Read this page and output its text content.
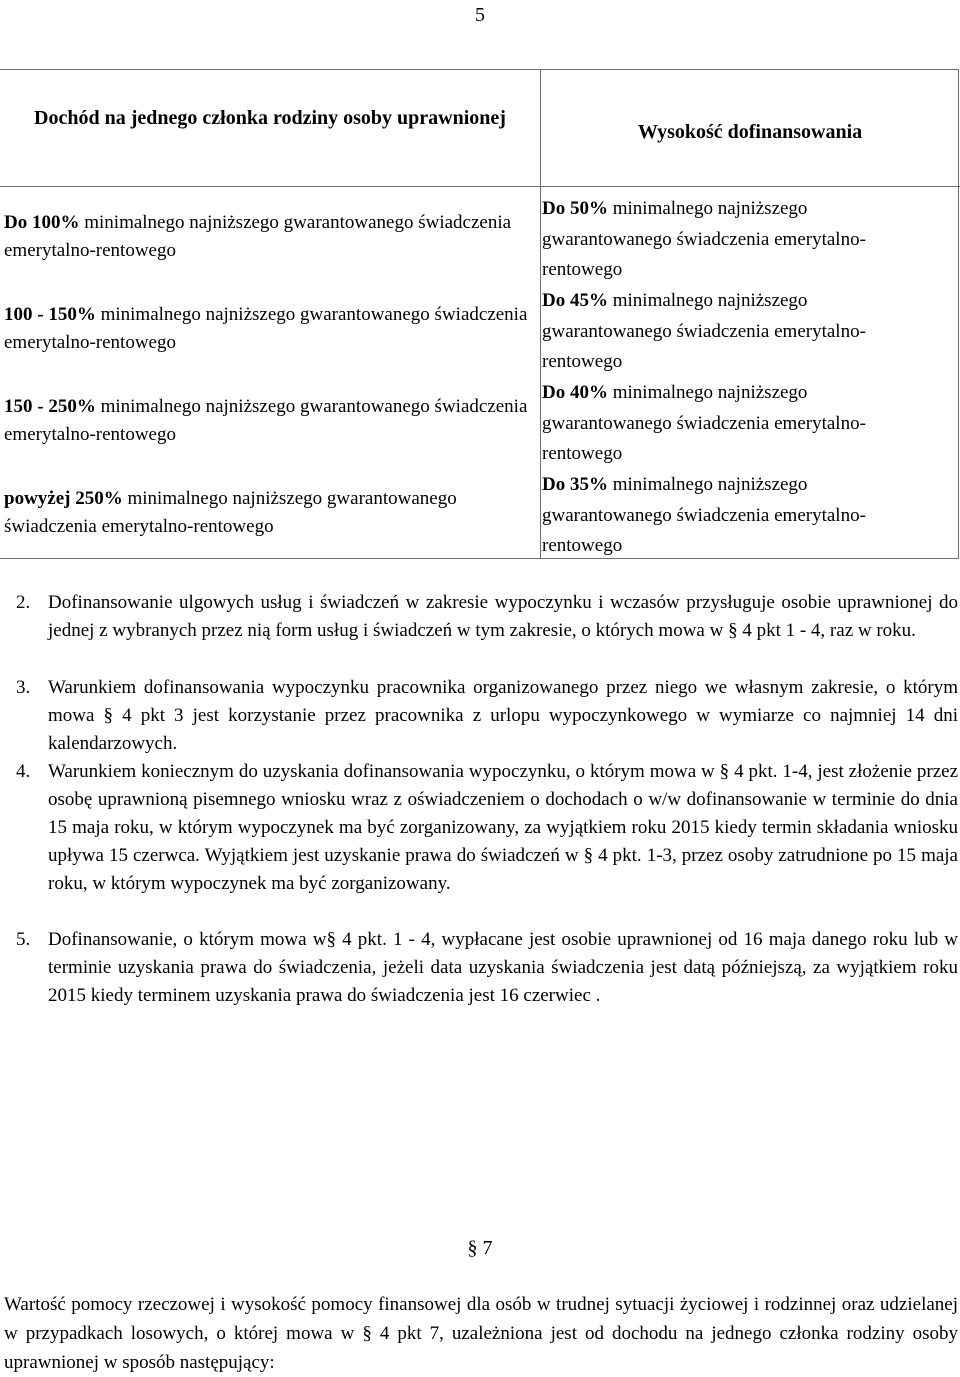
5
Dochód na jednego członka rodziny osoby uprawnionej
Wysokość dofinansowania
Do 100% minimalnego najniższego gwarantowanego świadczenia emerytalno-rentowego
Do 50% minimalnego najniższego
gwarantowanego świadczenia emerytalno-
rentowego
100 - 150% minimalnego najniższego gwarantowanego świadczenia emerytalno-rentowego
Do 45% minimalnego najniższego
gwarantowanego świadczenia emerytalno-
rentowego
150 - 250% minimalnego najniższego gwarantowanego świadczenia emerytalno-rentowego
Do 40% minimalnego najniższego
gwarantowanego świadczenia emerytalno-
rentowego
powyżej 250% minimalnego najniższego gwarantowanego świadczenia emerytalno-rentowego
Do 35% minimalnego najniższego
gwarantowanego świadczenia emerytalno-
rentowego
2. Dofinansowanie ulgowych usług i świadczeń w zakresie wypoczynku i wczasów przysługuje osobie uprawnionej do jednej z wybranych przez nią form usług i świadczeń w tym zakresie, o których mowa w § 4 pkt 1 - 4, raz w roku.
3. Warunkiem dofinansowania wypoczynku pracownika organizowanego przez niego we własnym zakresie, o którym mowa § 4 pkt 3 jest korzystanie przez pracownika z urlopu wypoczynkowego w wymiarze co najmniej 14 dni kalendarzowych.
4. Warunkiem koniecznym do uzyskania dofinansowania wypoczynku, o którym mowa w § 4 pkt. 1-4, jest złożenie przez osobę uprawnioną pisemnego wniosku wraz z oświadczeniem o dochodach o w/w dofinansowanie w terminie do dnia 15 maja roku, w którym wypoczynek ma być zorganizowany, za wyjątkiem roku 2015 kiedy termin składania wniosku upływa 15 czerwca. Wyjątkiem jest uzyskanie prawa do świadczeń w § 4 pkt. 1-3, przez osoby zatrudnione po 15 maja roku, w którym wypoczynek ma być zorganizowany.
5. Dofinansowanie, o którym mowa w§ 4 pkt. 1 - 4, wypłacane jest osobie uprawnionej od 16 maja danego roku lub w terminie uzyskania prawa do świadczenia, jeżeli data uzyskania świadczenia jest datą późniejszą, za wyjątkiem roku 2015 kiedy terminem uzyskania prawa do świadczenia jest 16 czerwiec .
§ 7
Wartość pomocy rzeczowej i wysokość pomocy finansowej dla osób w trudnej sytuacji życiowej i rodzinnej oraz udzielanej w przypadkach losowych, o której mowa w § 4 pkt 7, uzależniona jest od dochodu na jednego członka rodziny osoby uprawnionej w sposób następujący:
